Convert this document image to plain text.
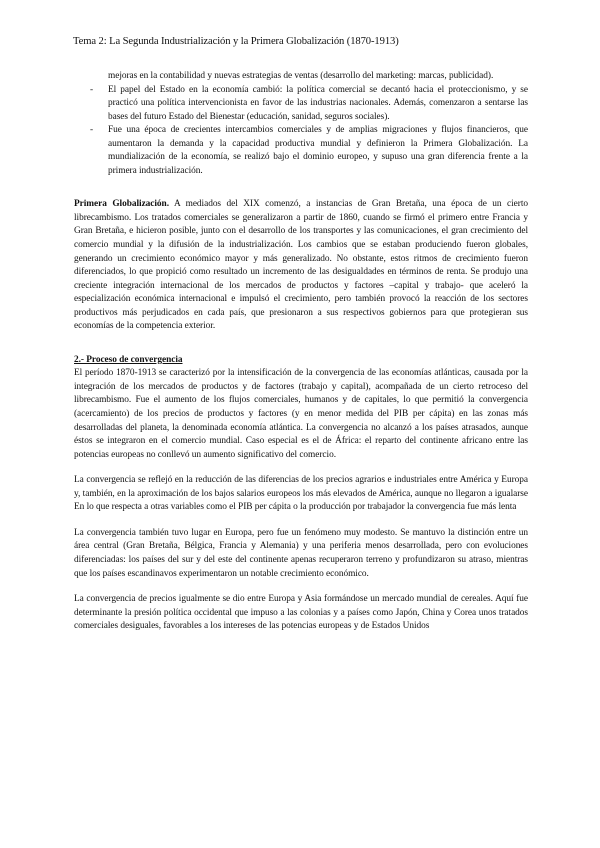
Tema 2: La Segunda Industrialización y la Primera Globalización (1870-1913)
mejoras en la contabilidad y nuevas estrategias de ventas (desarrollo del marketing: marcas, publicidad).
- El papel del Estado en la economía cambió: la política comercial se decantó hacia el proteccionismo, y se practicó una política intervencionista en favor de las industrias nacionales. Además, comenzaron a sentarse las bases del futuro Estado del Bienestar (educación, sanidad, seguros sociales).
- Fue una época de crecientes intercambios comerciales y de amplias migraciones y flujos financieros, que aumentaron la demanda y la capacidad productiva mundial y definieron la Primera Globalización. La mundialización de la economía, se realizó bajo el dominio europeo, y supuso una gran diferencia frente a la primera industrialización.

Primera Globalización. A mediados del XIX comenzó, a instancias de Gran Bretaña, una época de un cierto librecambismo. Los tratados comerciales se generalizaron a partir de 1860, cuando se firmó el primero entre Francia y Gran Bretaña, e hicieron posible, junto con el desarrollo de los transportes y las comunicaciones, el gran crecimiento del comercio mundial y la difusión de la industrialización. Los cambios que se estaban produciendo fueron globales, generando un crecimiento económico mayor y más generalizado. No obstante, estos ritmos de crecimiento fueron diferenciados, lo que propició como resultado un incremento de las desigualdades en términos de renta. Se produjo una creciente integración internacional de los mercados de productos y factores –capital y trabajo- que aceleró la especialización económica internacional e impulsó el crecimiento, pero también provocó la reacción de los sectores productivos más perjudicados en cada país, que presionaron a sus respectivos gobiernos para que protegieran sus economías de la competencia exterior.

2.- Proceso de convergencia

El período 1870-1913 se caracterizó por la intensificación de la convergencia de las economías atlánticas, causada por la integración de los mercados de productos y de factores (trabajo y capital), acompañada de un cierto retroceso del librecambismo. Fue el aumento de los flujos comerciales, humanos y de capitales, lo que permitió la convergencia (acercamiento) de los precios de productos y factores (y en menor medida del PIB per cápita) en las zonas más desarrolladas del planeta, la denominada economía atlántica. La convergencia no alcanzó a los países atrasados, aunque éstos se integraron en el comercio mundial. Caso especial es el de África: el reparto del continente africano entre las potencias europeas no conllevó un aumento significativo del comercio.

La convergencia se reflejó en la reducción de las diferencias de los precios agrarios e industriales entre América y Europa y, también, en la aproximación de los bajos salarios europeos los más elevados de América, aunque no llegaron a igualarse En lo que respecta a otras variables como el PIB per cápita o la producción por trabajador la convergencia fue más lenta

La convergencia también tuvo lugar en Europa, pero fue un fenómeno muy modesto. Se mantuvo la distinción entre un área central (Gran Bretaña, Bélgica, Francia y Alemania) y una periferia menos desarrollada, pero con evoluciones diferenciadas: los países del sur y del este del continente apenas recuperaron terreno y profundizaron su atraso, mientras que los países escandinavos experimentaron un notable crecimiento económico.

La convergencia de precios igualmente se dio entre Europa y Asia formándose un mercado mundial de cereales. Aquí fue determinante la presión política occidental que impuso a las colonias y a países como Japón, China y Corea unos tratados comerciales desiguales, favorables a los intereses de las potencias europeas y de Estados Unidos
